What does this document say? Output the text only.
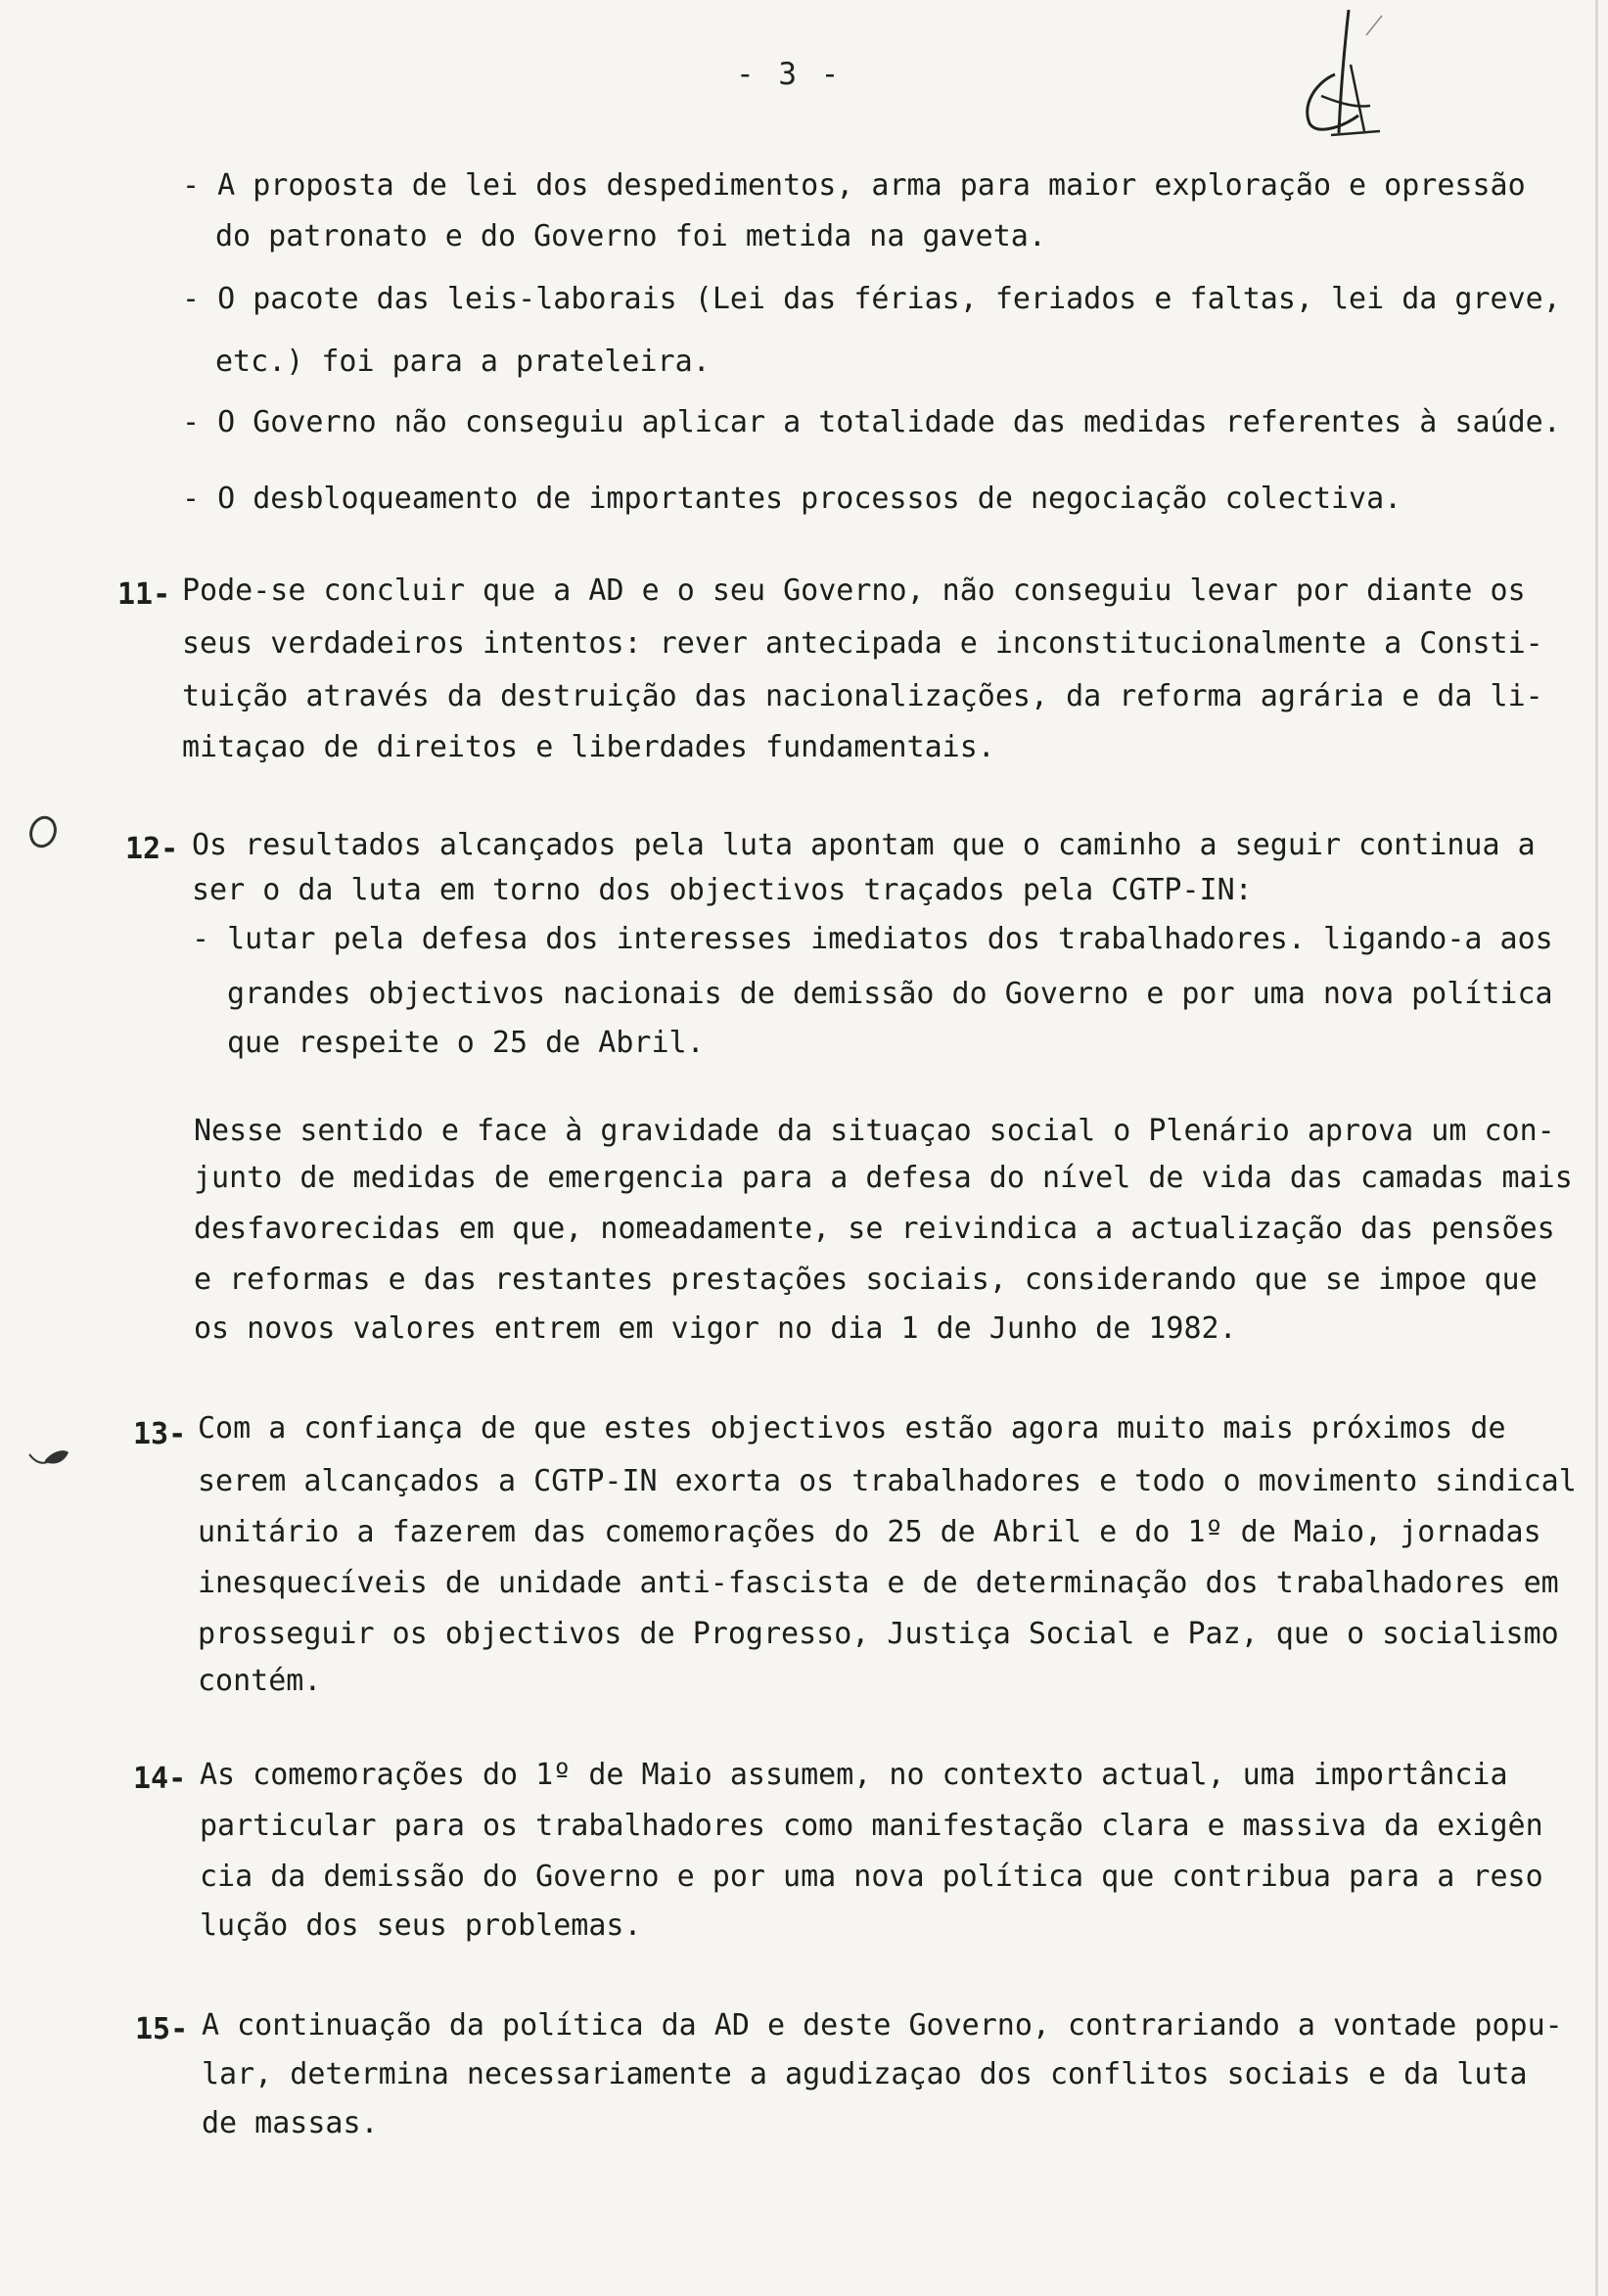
- 3 -
- A proposta de lei dos despedimentos, arma para maior exploração e opressão
do patronato e do Governo foi metida na gaveta.
- O pacote das leis-laborais (Lei das férias, feriados e faltas, lei da greve,
etc.) foi para a prateleira.
- O Governo não conseguiu aplicar a totalidade das medidas referentes à saúde.
- O desbloqueamento de importantes processos de negociação colectiva.
11- Pode-se concluir que a AD e o seu Governo, não conseguiu levar por diante os
seus verdadeiros intentos: rever antecipada e inconstitucionalmente a Consti-
tuição através da destruição das nacionalizações, da reforma agrária e da li-
mitaçao de direitos e liberdades fundamentais.
12- Os resultados alcançados pela luta apontam que o caminho a seguir continua a
ser o da luta em torno dos objectivos traçados pela CGTP-IN:
- lutar pela defesa dos interesses imediatos dos trabalhadores. ligando-a aos
grandes objectivos nacionais de demissão do Governo e por uma nova política
que respeite o 25 de Abril.
Nesse sentido e face à gravidade da situaçao social o Plenário aprova um con-
junto de medidas de emergencia para a defesa do nível de vida das camadas mais
desfavorecidas em que, nomeadamente, se reivindica a actualização das pensões
e reformas e das restantes prestações sociais, considerando que se impoe que
os novos valores entrem em vigor no dia 1 de Junho de 1982.
13- Com a confiança de que estes objectivos estão agora muito mais próximos de
serem alcançados a CGTP-IN exorta os trabalhadores e todo o movimento sindical
unitário a fazerem das comemorações do 25 de Abril e do 1º de Maio, jornadas
inesquecíveis de unidade anti-fascista e de determinação dos trabalhadores em
prosseguir os objectivos de Progresso, Justiça Social e Paz, que o socialismo
contém.
14- As comemorações do 1º de Maio assumem, no contexto actual, uma importância
particular para os trabalhadores como manifestação clara e massiva da exigên
cia da demissão do Governo e por uma nova política que contribua para a reso
lução dos seus problemas.
15- A continuação da política da AD e deste Governo, contrariando a vontade popu-
lar, determina necessariamente a agudizaçao dos conflitos sociais e da luta
de massas.
